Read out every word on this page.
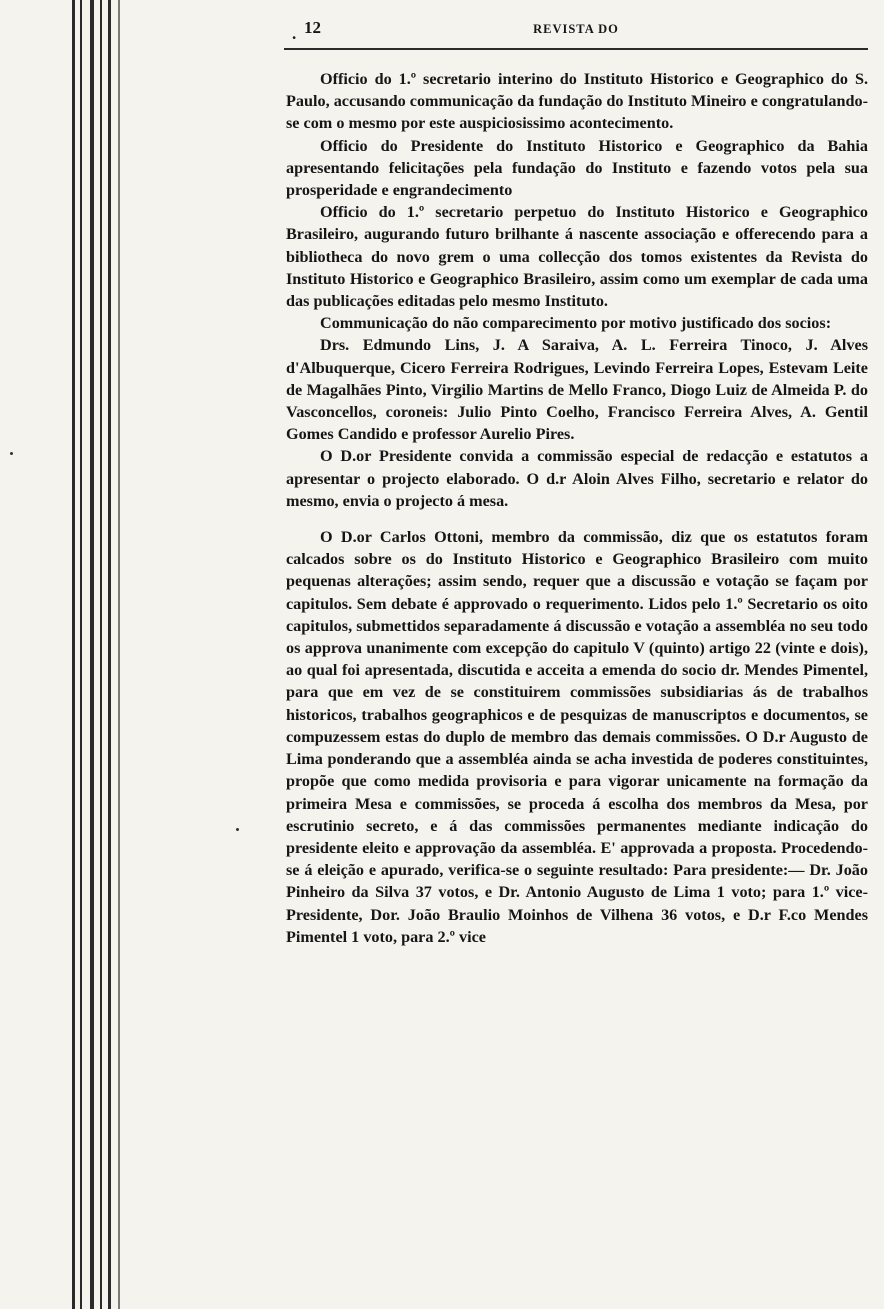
. 12	REVISTA DO

Officio do 1.º secretario interino do Instituto Historico e Geographico do S. Paulo, accusando communicação da fundação do Instituto Mineiro e congratulando-se com o mesmo por este auspiciosissimo acontecimento.

Officio do Presidente do Instituto Historico e Geographico da Bahia apresentando felicitações pela fundação do Instituto e fazendo votos pela sua prosperidade e engrandecimento

Officio do 1.º secretario perpetuo do Instituto Historico e Geographico Brasileiro, augurando futuro brilhante á nascente associação e offerecendo para a bibliotheca do novo grem o uma collecção dos tomos existentes da Revista do Instituto Historico e Geographico Brasileiro, assim como um exemplar de cada uma das publicações editadas pelo mesmo Instituto.

Communicação do não comparecimento por motivo justificado dos socios:

Drs. Edmundo Lins, J. A Saraiva, A. L. Ferreira Tinoco, J. Alves d'Albuquerque, Cicero Ferreira Rodrigues, Levindo Ferreira Lopes, Estevam Leite de Magalhães Pinto, Virgilio Martins de Mello Franco, Diogo Luiz de Almeida P. do Vasconcellos, coroneis: Julio Pinto Coelho, Francisco Ferreira Alves, A. Gentil Gomes Candido e professor Aurelio Pires.

O D.or Presidente convida a commissão especial de redacção e estatutos a apresentar o projecto elaborado. O d.r Aloin Alves Filho, secretario e relator do mesmo, envia o projecto á mesa.

O D.or Carlos Ottoni, membro da commissão, diz que os estatutos foram calcados sobre os do Instituto Historico e Geographico Brasileiro com muito pequenas alterações; assim sendo, requer que a discussão e votação se façam por capitulos. Sem debate é approvado o requerimento. Lidos pelo 1.º Secretario os oito capitulos, submettidos separadamente á discussão e votação a assembléa no seu todo os approva unanimente com excepção do capitulo V (quinto) artigo 22 (vinte e dois), ao qual foi apresentada, discutida e acceita a emenda do socio dr. Mendes Pimentel, para que em vez de se constituirem commissões subsidiarias ás de trabalhos historicos, trabalhos geographicos e de pesquizas de manuscriptos e documentos, se compuzessem estas do duplo de membro das demais commissões. O D.r Augusto de Lima ponderando que a assembléa ainda se acha investida de poderes constituintes, propõe que como medida provisoria e para vigorar unicamente na formação da primeira Mesa e commissões, se proceda á escolha dos membros da Mesa, por escrutinio secreto, e á das commissões permanentes mediante indicação do presidente eleito e approvação da assembléa. E' approvada a proposta. Procedendo-se á eleição e apurado, verifica-se o seguinte resultado: Para presidente:— Dr. João Pinheiro da Silva 37 votos, e Dr. Antonio Augusto de Lima 1 voto; para 1.º vice-Presidente, Dor. João Braulio Moinhos de Vilhena 36 votos, e D.r F.co Mendes Pimentel 1 voto, para 2.º vice
